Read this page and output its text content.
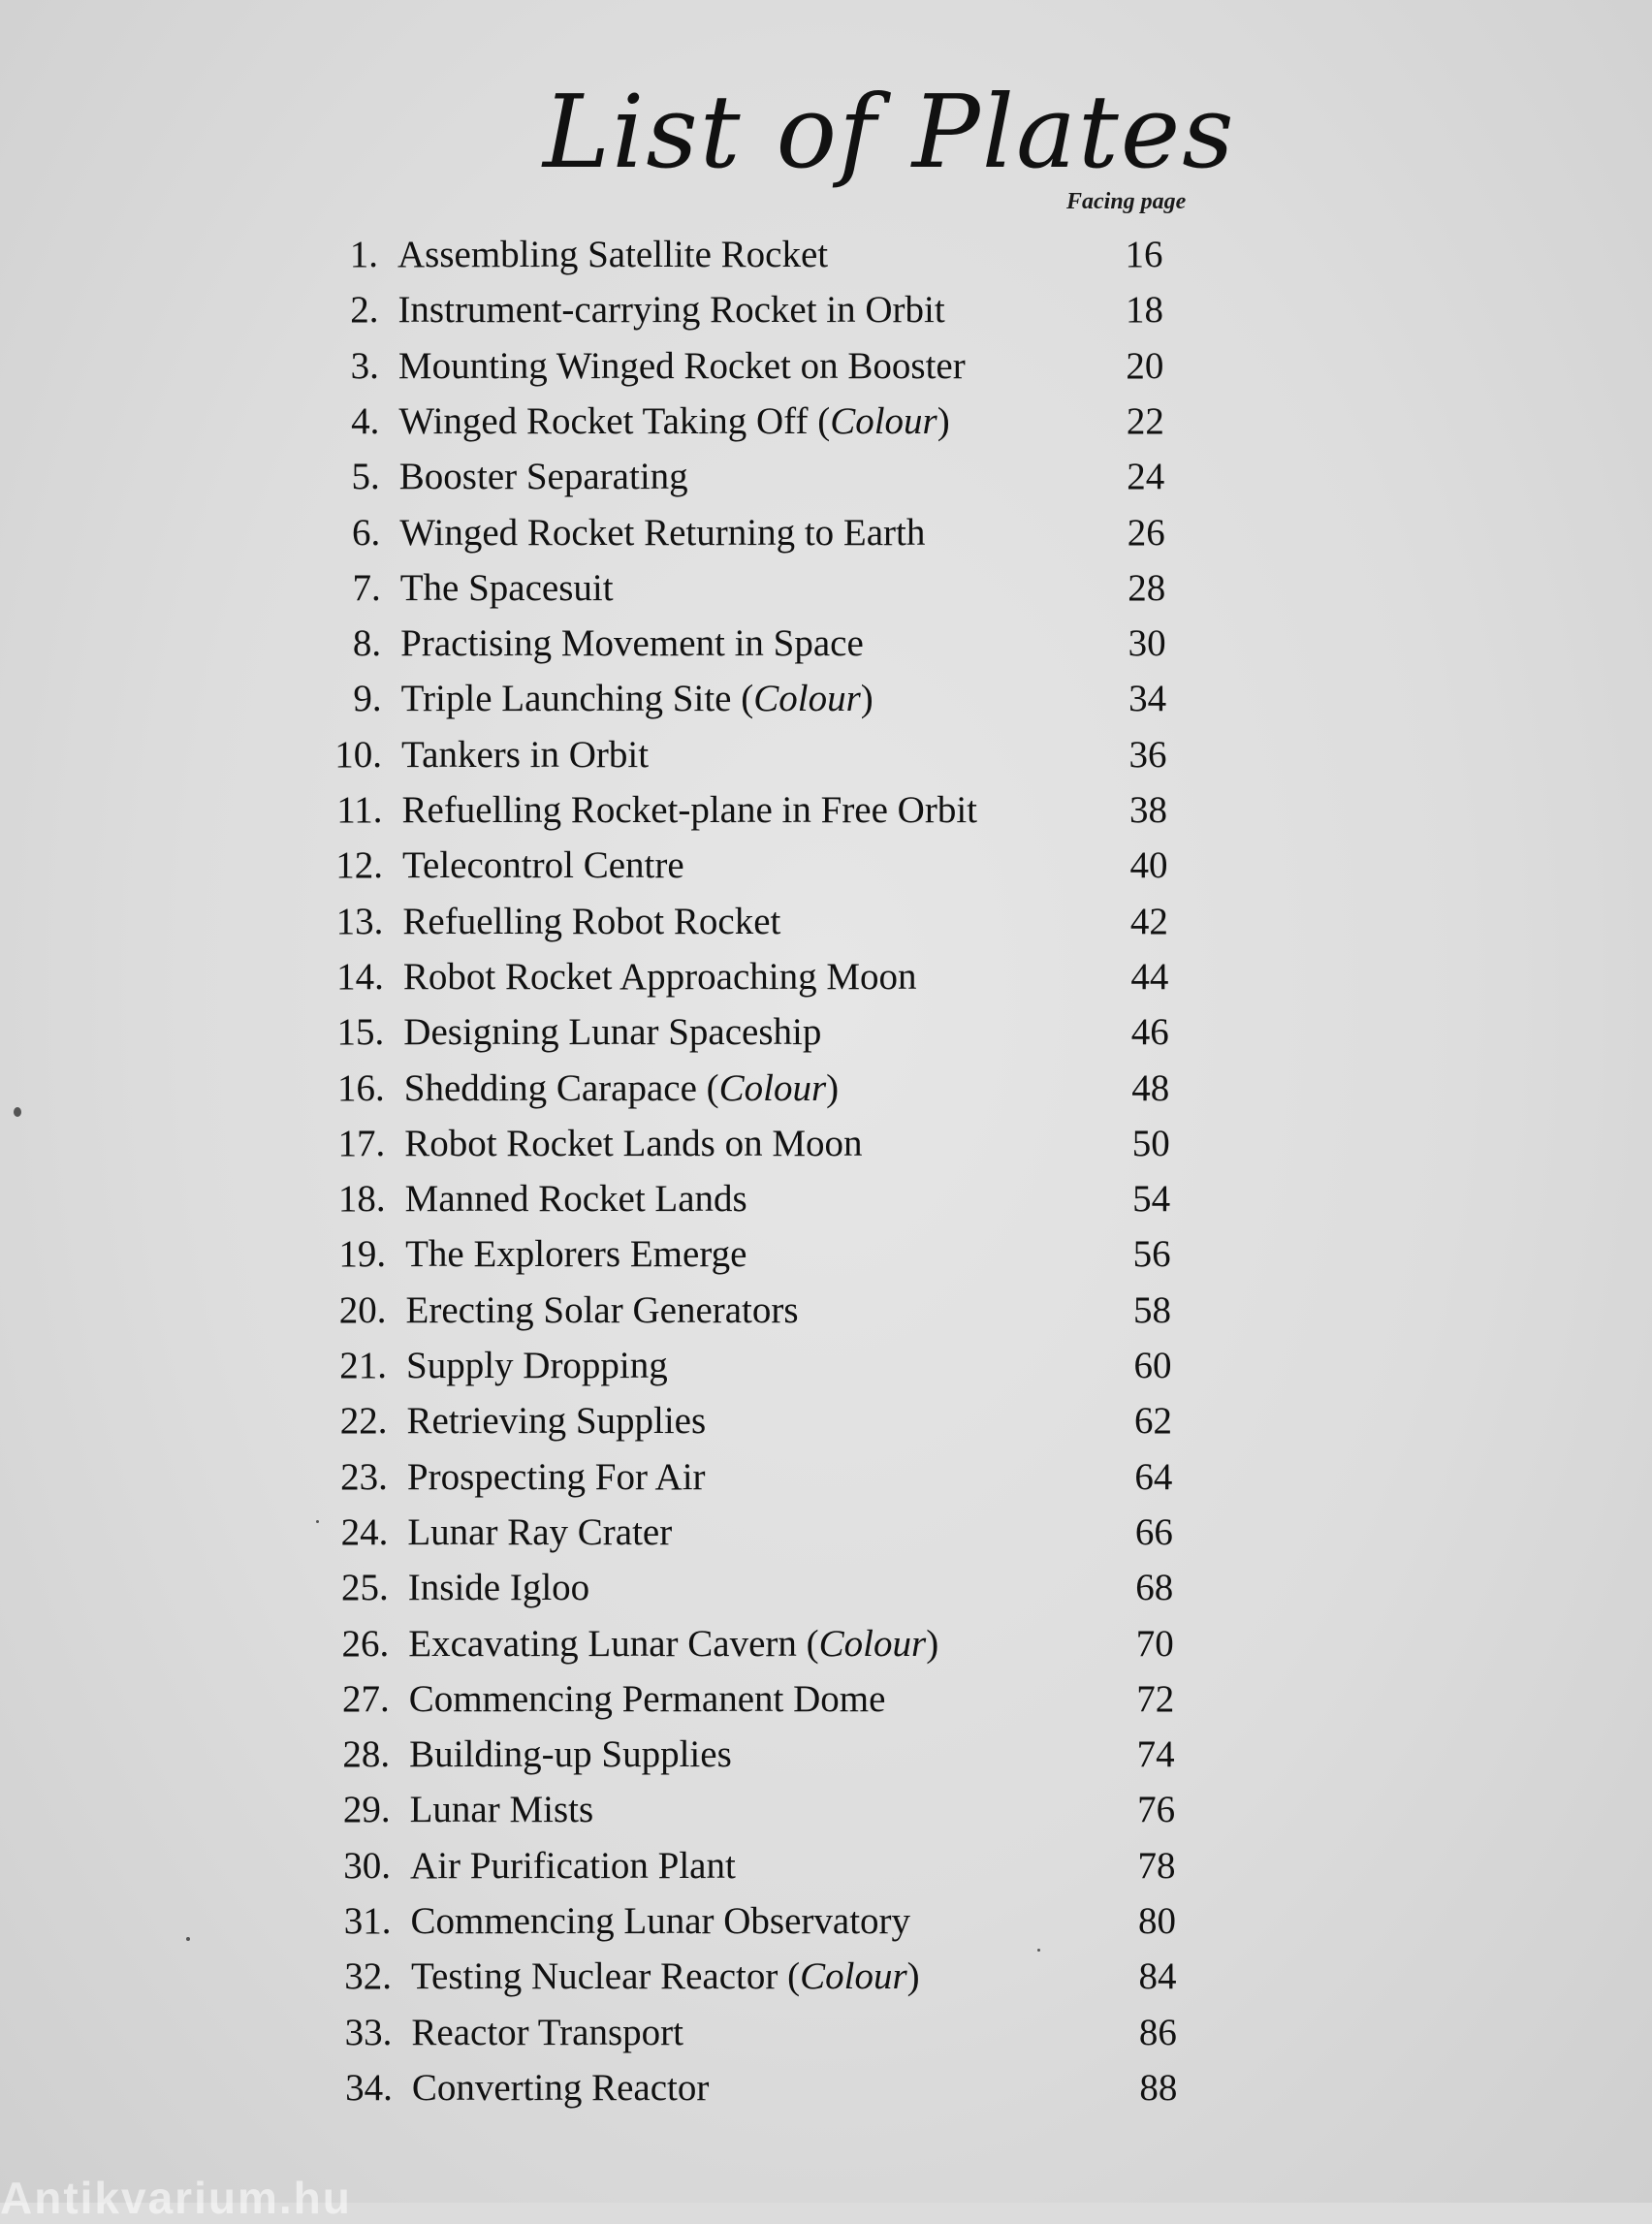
List of Plates
Facing page
1. Assembling Satellite Rocket	16
2. Instrument-carrying Rocket in Orbit	18
3. Mounting Winged Rocket on Booster	20
4. Winged Rocket Taking Off (Colour)	22
5. Booster Separating	24
6. Winged Rocket Returning to Earth	26
7. The Spacesuit	28
8. Practising Movement in Space	30
9. Triple Launching Site (Colour)	34
10. Tankers in Orbit	36
11. Refuelling Rocket-plane in Free Orbit	38
12. Telecontrol Centre	40
13. Refuelling Robot Rocket	42
14. Robot Rocket Approaching Moon	44
15. Designing Lunar Spaceship	46
16. Shedding Carapace (Colour)	48
17. Robot Rocket Lands on Moon	50
18. Manned Rocket Lands	54
19. The Explorers Emerge	56
20. Erecting Solar Generators	58
21. Supply Dropping	60
22. Retrieving Supplies	62
23. Prospecting For Air	64
24. Lunar Ray Crater	66
25. Inside Igloo	68
26. Excavating Lunar Cavern (Colour)	70
27. Commencing Permanent Dome	72
28. Building-up Supplies	74
29. Lunar Mists	76
30. Air Purification Plant	78
31. Commencing Lunar Observatory	80
32. Testing Nuclear Reactor (Colour)	84
33. Reactor Transport	86
34. Converting Reactor	88
Antikvarium.hu
